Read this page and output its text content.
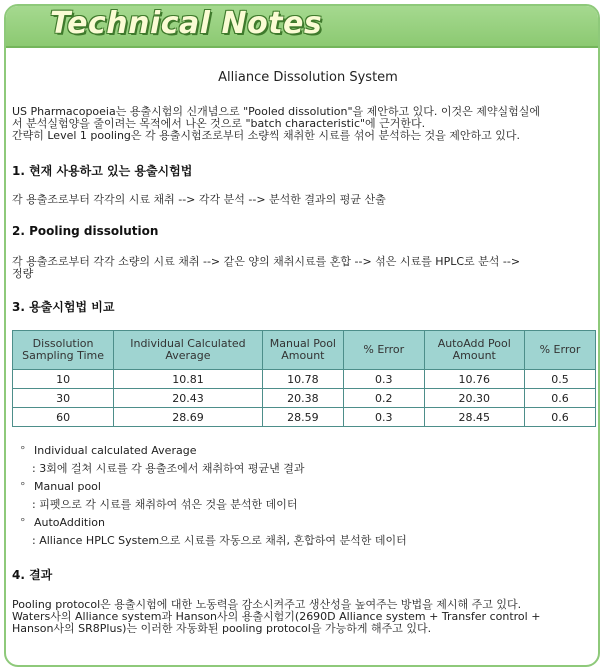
Technical Notes
Alliance Dissolution System

US Pharmacopoeia는 용출시험의 신개념으로 "Pooled dissolution"을 제안하고 있다. 이것은 제약실험실에

서 분석실험양을 줄이려는 목적에서 나온 것으로 "batch characteristic"에 근거한다.

간략히 Level 1 pooling은 각 용출시험조로부터 소량씩 채취한 시료를 섞어 분석하는 것을 제안하고 있다.

1. 현재 사용하고 있는 용출시험법
각 용출조로부터 각각의 시료 채취 --> 각각 분석 --> 분석한 결과의 평균 산출
2. Pooling dissolution
각 용출조로부터 각각 소량의 시료 채취 --> 같은 양의 채취시료를 혼합 --> 섞은 시료를 HPLC로 분석 -->
정량
3. 용출시험법 비교
Dissolution Sampling Time	Individual Calculated Average	Manual Pool Amount	% Error	AutoAdd Pool Amount	% Error
10	10.81	10.78	0.3	10.76	0.5
30	20.43	20.38	0.2	20.30	0.6
60	28.69	28.59	0.3	28.45	0.6
° Individual calculated Average
: 3회에 걸쳐 시료를 각 용출조에서 채취하여 평균낸 결과
° Manual pool
: 피펫으로 각 시료를 채취하여 섞은 것을 분석한 데이터
° AutoAddition
: Alliance HPLC System으로 시료를 자동으로 채취, 혼합하여 분석한 데이터
4. 결과
Pooling protocol은 용출시험에 대한 노동력을 감소시켜주고 생산성을 높여주는 방법을 제시해 주고 있다.
Waters사의 Alliance system과 Hanson사의 용출시험기(2690D Alliance system + Transfer control +
Hanson사의 SR8Plus)는 이러한 자동화된 pooling protocol을 가능하게 해주고 있다.
